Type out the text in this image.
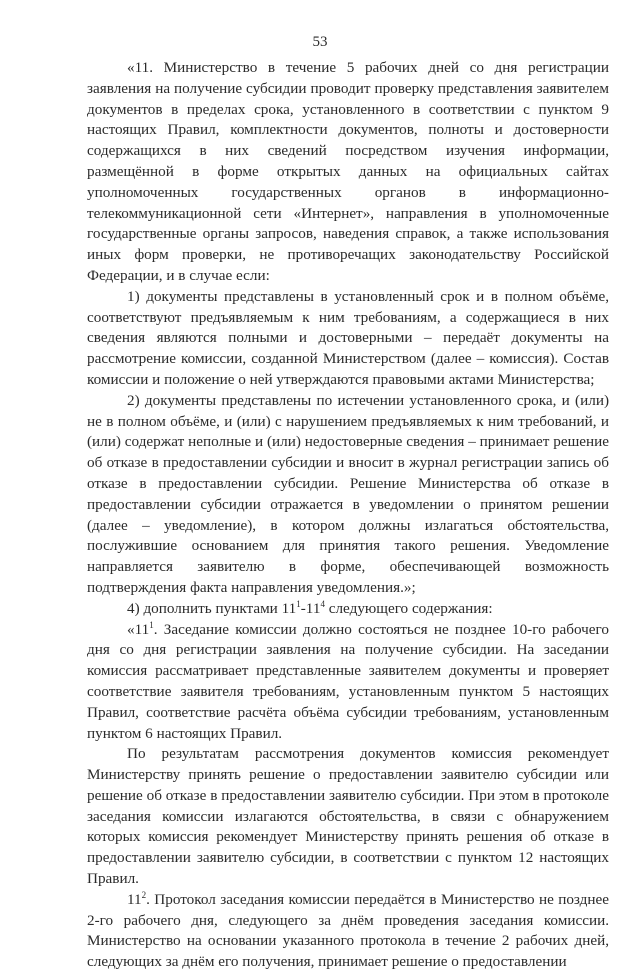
53

«11. Министерство в течение 5 рабочих дней со дня регистрации заявления на получение субсидии проводит проверку представления заявителем документов в пределах срока, установленного в соответствии с пунктом 9 настоящих Правил, комплектности документов, полноты и достоверности содержащихся в них сведений посредством изучения информации, размещённой в форме открытых данных на официальных сайтах уполномоченных государственных органов в информационно-телекоммуникационной сети «Интернет», направления в уполномоченные государственные органы запросов, наведения справок, а также использования иных форм проверки, не противоречащих законодательству Российской Федерации, и в случае если:

1) документы представлены в установленный срок и в полном объёме, соответствуют предъявляемым к ним требованиям, а содержащиеся в них сведения являются полными и достоверными – передаёт документы на рассмотрение комиссии, созданной Министерством (далее – комиссия). Состав комиссии и положение о ней утверждаются правовыми актами Министерства;

2) документы представлены по истечении установленного срока, и (или) не в полном объёме, и (или) с нарушением предъявляемых к ним требований, и (или) содержат неполные и (или) недостоверные сведения – принимает решение об отказе в предоставлении субсидии и вносит в журнал регистрации запись об отказе в предоставлении субсидии. Решение Министерства об отказе в предоставлении субсидии отражается в уведомлении о принятом решении (далее – уведомление), в котором должны излагаться обстоятельства, послужившие основанием для принятия такого решения. Уведомление направляется заявителю в форме, обеспечивающей возможность подтверждения факта направления уведомления.»;

4) дополнить пунктами $11^1-11^4$ следующего содержания:

«$11^1$. Заседание комиссии должно состояться не позднее 10-го рабочего дня со дня регистрации заявления на получение субсидии. На заседании комиссия рассматривает представленные заявителем документы и проверяет соответствие заявителя требованиям, установленным пунктом 5 настоящих Правил, соответствие расчёта объёма субсидии требованиям, установленным пунктом 6 настоящих Правил.

По результатам рассмотрения документов комиссия рекомендует Министерству принять решение о предоставлении заявителю субсидии или решение об отказе в предоставлении заявителю субсидии. При этом в протоколе заседания комиссии излагаются обстоятельства, в связи с обнаружением которых комиссия рекомендует Министерству принять решения об отказе в предоставлении заявителю субсидии, в соответствии с пунктом 12 настоящих Правил.

$11^2$. Протокол заседания комиссии передаётся в Министерство не позднее 2-го рабочего дня, следующего за днём проведения заседания комиссии. Министерство на основании указанного протокола в течение 2 рабочих дней, следующих за днём его получения, принимает решение о предоставлении
